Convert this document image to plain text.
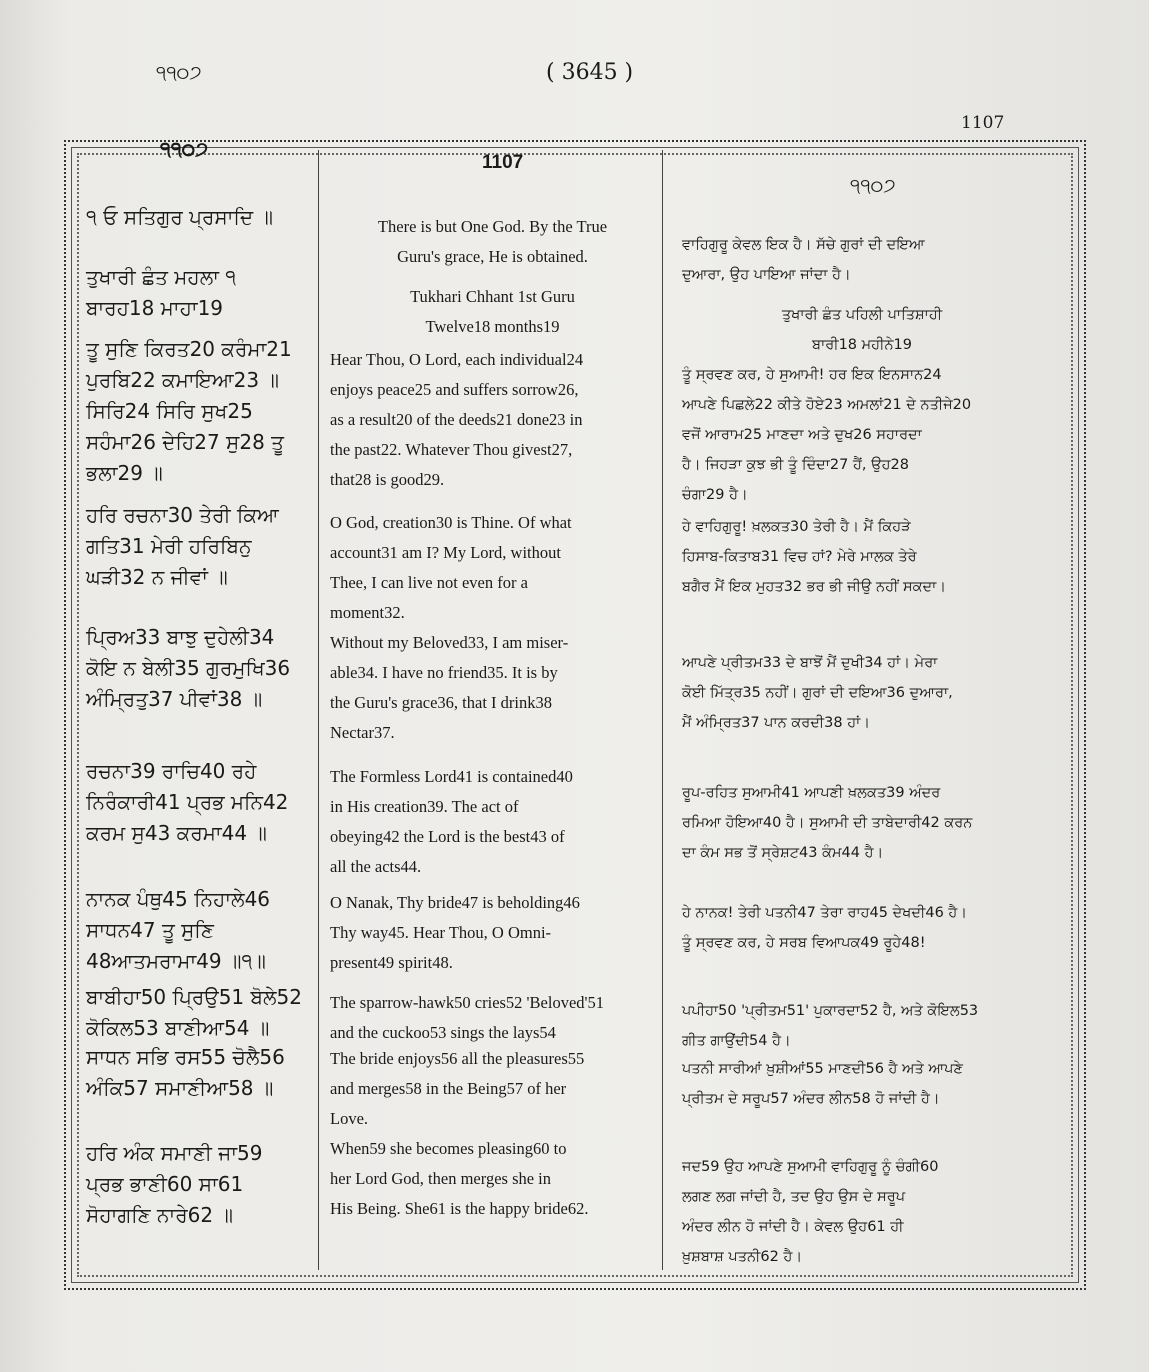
੧੧੦੭	( 3645 )
1107
੧੧੦੭
1107
੧੧੦੭
੧ ਓ ਸਤਿਗੁਰ ਪ੍ਰਸਾਦਿ ॥	There is but One God. By the True
Guru's grace, He is obtained.
ਵਾਹਿਗੁਰੂ ਕੇਵਲ ਇਕ ਹੈ। ਸੱਚੇ ਗੁਰਾਂ ਦੀ ਦਇਆ
ਦੁਆਰਾ, ਉਹ ਪਾਇਆ ਜਾਂਦਾ ਹੈ।
ਤੁਖਾਰੀ ਛੰਤ ਮਹਲਾ ੧
ਬਾਰਹ18 ਮਾਹਾ19	Tukhari Chhant 1st Guru
Twelve18 months19
ਤੁਖਾਰੀ ਛੰਤ ਪਹਿਲੀ ਪਾਤਿਸ਼ਾਹੀ
ਬਾਰੀ18 ਮਹੀਨੇ19
ਤੂ ਸੁਣਿ ਕਿਰਤ20 ਕਰੰਮਾ21
ਪੁਰਬਿ22 ਕਮਾਇਆ23 ॥
ਸਿਰਿ24 ਸਿਰਿ ਸੁਖ25
ਸਹੰਮਾ26 ਦੇਹਿ27 ਸੁ28 ਤੂ
ਭਲਾ29 ॥
Hear Thou, O Lord, each individual24
enjoys peace25 and suffers sorrow26,
as a result20 of the deeds21 done23 in
the past22. Whatever Thou givest27,
that28 is good29.
ਤੂੰ ਸ੍ਰਵਣ ਕਰ, ਹੇ ਸੁਆਮੀ! ਹਰ ਇਕ ਇਨਸਾਨ24
ਆਪਣੇ ਪਿਛਲੇ22 ਕੀਤੇ ਹੋਏ23 ਅਮਲਾਂ21 ਦੇ ਨਤੀਜੇ20
ਵਜੋਂ ਆਰਾਮ25 ਮਾਣਦਾ ਅਤੇ ਦੁਖ26 ਸਹਾਰਦਾ
ਹੈ। ਜਿਹੜਾ ਕੁਝ ਭੀ ਤੂੰ ਦਿੰਦਾ27 ਹੈਂ, ਉਹ28
ਚੰਗਾ29 ਹੈ।
ਹਰਿ ਰਚਨਾ30 ਤੇਰੀ ਕਿਆ
ਗਤਿ31 ਮੇਰੀ ਹਰਿਬਿਨੁ
ਘੜੀ32 ਨ ਜੀਵਾਂ ॥
O God, creation30 is Thine. Of what
account31 am I? My Lord, without
Thee, I can live not even for a
moment32.
ਹੇ ਵਾਹਿਗੁਰੂ! ਖ਼ਲਕਤ30 ਤੇਰੀ ਹੈ। ਮੈਂ ਕਿਹੜੇ
ਹਿਸਾਬ-ਕਿਤਾਬ31 ਵਿਚ ਹਾਂ? ਮੇਰੇ ਮਾਲਕ ਤੇਰੇ
ਬਗੈਰ ਮੈਂ ਇਕ ਮੁਹਤ32 ਭਰ ਭੀ ਜੀਉ ਨਹੀਂ ਸਕਦਾ।
ਪ੍ਰਿਅ33 ਬਾਝੁ ਦੁਹੇਲੀ34
ਕੋਇ ਨ ਬੇਲੀ35 ਗੁਰਮੁਖਿ36
ਅੰਮ੍ਰਿਤੁ37 ਪੀਵਾਂ38 ॥
Without my Beloved33, I am miser-
able34. I have no friend35. It is by
the Guru's grace36, that I drink38
Nectar37.
ਆਪਣੇ ਪ੍ਰੀਤਮ33 ਦੇ ਬਾਝੋਂ ਮੈਂ ਦੁਖੀ34 ਹਾਂ। ਮੇਰਾ
ਕੋਈ ਮਿੱਤ੍ਰ35 ਨਹੀਂ। ਗੁਰਾਂ ਦੀ ਦਇਆ36 ਦੁਆਰਾ,
ਮੈਂ ਅੰਮ੍ਰਿਤ37 ਪਾਨ ਕਰਦੀ38 ਹਾਂ।
ਰਚਨਾ39 ਰਾਚਿ40 ਰਹੇ
ਨਿਰੰਕਾਰੀ41 ਪ੍ਰਭ ਮਨਿ42
ਕਰਮ ਸੁ43 ਕਰਮਾ44 ॥
The Formless Lord41 is contained40
in His creation39. The act of
obeying42 the Lord is the best43 of
all the acts44.
ਰੂਪ-ਰਹਿਤ ਸੁਆਮੀ41 ਆਪਣੀ ਖ਼ਲਕਤ39 ਅੰਦਰ
ਰਮਿਆ ਹੋਇਆ40 ਹੈ। ਸੁਆਮੀ ਦੀ ਤਾਬੇਦਾਰੀ42 ਕਰਨ
ਦਾ ਕੰਮ ਸਭ ਤੋਂ ਸ੍ਰੇਸ਼ਟ43 ਕੰਮ44 ਹੈ।
ਨਾਨਕ ਪੰਥੁ45 ਨਿਹਾਲੇ46
ਸਾਧਨ47 ਤੂ ਸੁਣਿ
48ਆਤਮਰਾਮਾ49 ॥੧॥
O Nanak, Thy bride47 is beholding46
Thy way45. Hear Thou, O Omni-
present49 spirit48.
ਹੇ ਨਾਨਕ! ਤੇਰੀ ਪਤਨੀ47 ਤੇਰਾ ਰਾਹ45 ਦੇਖਦੀ46 ਹੈ।
ਤੂੰ ਸ੍ਰਵਣ ਕਰ, ਹੇ ਸਰਬ ਵਿਆਪਕ49 ਰੂਹੇ48!
ਬਾਬੀਹਾ50 ਪ੍ਰਿਉ51 ਬੋਲੇ52
ਕੋਕਿਲ53 ਬਾਣੀਆ54 ॥
The sparrow-hawk50 cries52 'Beloved'51
and the cuckoo53 sings the lays54
ਪਪੀਹਾ50 'ਪ੍ਰੀਤਮ51' ਪੁਕਾਰਦਾ52 ਹੈ, ਅਤੇ ਕੋਇਲ53
ਗੀਤ ਗਾਉਂਦੀ54 ਹੈ।
ਸਾਧਨ ਸਭਿ ਰਸ55 ਚੋਲੈ56
ਅੰਕਿ57 ਸਮਾਣੀਆ58 ॥
The bride enjoys56 all the pleasures55
and merges58 in the Being57 of her
Love.
ਪਤਨੀ ਸਾਰੀਆਂ ਖ਼ੁਸ਼ੀਆਂ55 ਮਾਣਦੀ56 ਹੈ ਅਤੇ ਆਪਣੇ
ਪ੍ਰੀਤਮ ਦੇ ਸਰੂਪ57 ਅੰਦਰ ਲੀਨ58 ਹੋ ਜਾਂਦੀ ਹੈ।
ਹਰਿ ਅੰਕ ਸਮਾਣੀ ਜਾ59
ਪ੍ਰਭ ਭਾਣੀ60 ਸਾ61
ਸੋਹਾਗਣਿ ਨਾਰੇ62 ॥
When59 she becomes pleasing60 to
her Lord God, then merges she in
His Being. She61 is the happy bride62.
ਜਦ59 ਉਹ ਆਪਣੇ ਸੁਆਮੀ ਵਾਹਿਗੁਰੂ ਨੂੰ ਚੰਗੀ60
ਲਗਣ ਲਗ ਜਾਂਦੀ ਹੈ, ਤਦ ਉਹ ਉਸ ਦੇ ਸਰੂਪ
ਅੰਦਰ ਲੀਨ ਹੋ ਜਾਂਦੀ ਹੈ। ਕੇਵਲ ਉਹ61 ਹੀ
ਖ਼ੁਸ਼ਬਾਸ਼ ਪਤਨੀ62 ਹੈ।
